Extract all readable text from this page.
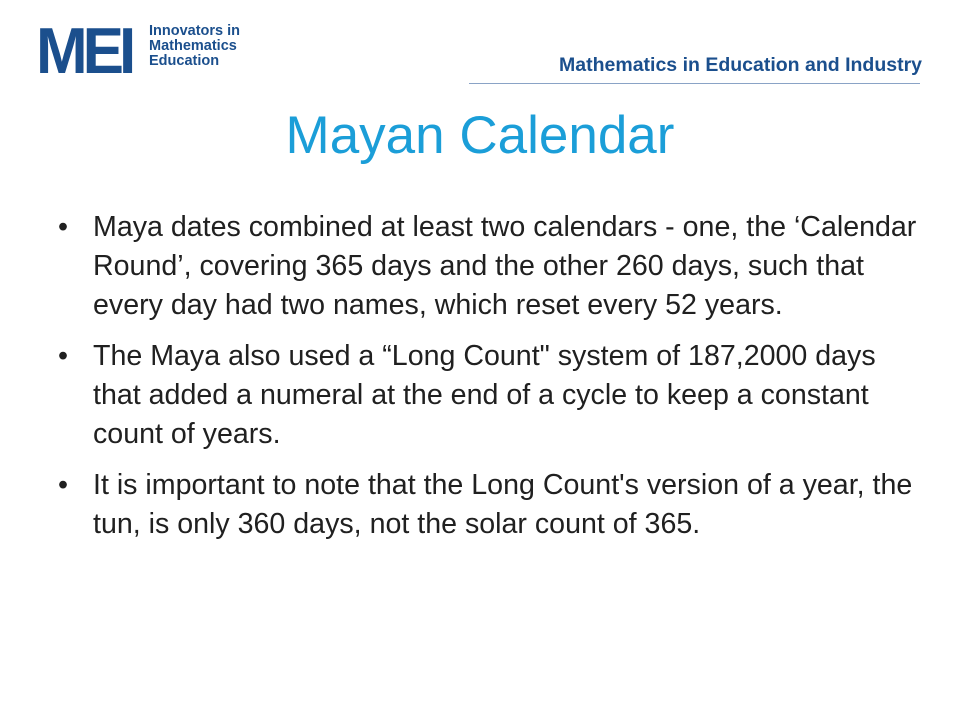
MEI Innovators in
Mathematics
Education	Mathematics in Education and Industry
Mayan Calendar
• Maya dates combined at least two calendars - one, the ‘Calendar Round’, covering 365 days and the other 260 days, such that every day had two names, which reset every 52 years.
• The Maya also used a “Long Count" system of 187,2000 days that added a numeral at the end of a cycle to keep a constant count of years.
• It is important to note that the Long Count's version of a year, the tun, is only 360 days, not the solar count of 365.
